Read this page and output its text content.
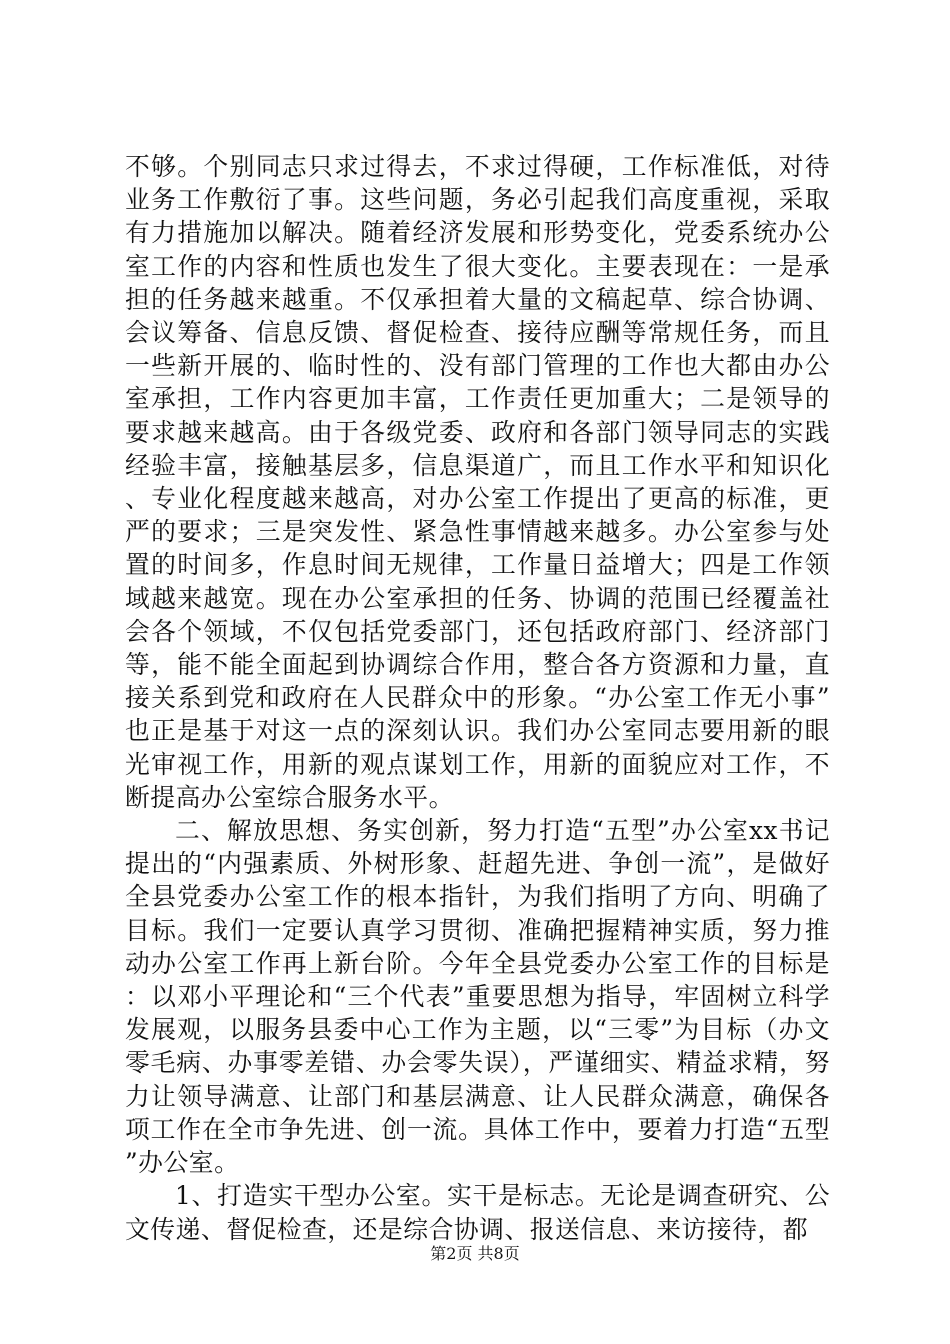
不够。个别同志只求过得去，不求过得硬，工作标准低，对待业务工作敷衍了事。这些问题，务必引起我们高度重视，采取有力措施加以解决。随着经济发展和形势变化，党委系统办公室工作的内容和性质也发生了很大变化。主要表现在：一是承担的任务越来越重。不仅承担着大量的文稿起草、综合协调、会议筹备、信息反馈、督促检查、接待应酬等常规任务，而且一些新开展的、临时性的、没有部门管理的工作也大都由办公室承担，工作内容更加丰富，工作责任更加重大；二是领导的要求越来越高。由于各级党委、政府和各部门领导同志的实践经验丰富，接触基层多，信息渠道广，而且工作水平和知识化、专业化程度越来越高，对办公室工作提出了更高的标准，更严的要求；三是突发性、紧急性事情越来越多。办公室参与处置的时间多，作息时间无规律，工作量日益增大；四是工作领域越来越宽。现在办公室承担的任务、协调的范围已经覆盖社会各个领域，不仅包括党委部门，还包括政府部门、经济部门等，能不能全面起到协调综合作用，整合各方资源和力量，直接关系到党和政府在人民群众中的形象。“办公室工作无小事”也正是基于对这一点的深刻认识。我们办公室同志要用新的眼光审视工作，用新的观点谋划工作，用新的面貌应对工作，不断提高办公室综合服务水平。

二、解放思想、务实创新，努力打造“五型”办公室xx书记提出的“内强素质、外树形象、赶超先进、争创一流”，是做好全县党委办公室工作的根本指针，为我们指明了方向、明确了目标。我们一定要认真学习贯彻、准确把握精神实质，努力推动办公室工作再上新台阶。今年全县党委办公室工作的目标是：以邓小平理论和“三个代表”重要思想为指导，牢固树立科学发展观，以服务县委中心工作为主题，以“三零”为目标（办文零毛病、办事零差错、办会零失误），严谨细实、精益求精，努力让领导满意、让部门和基层满意、让人民群众满意，确保各项工作在全市争先进、创一流。具体工作中，要着力打造“五型”办公室。

1、打造实干型办公室。实干是标志。无论是调查研究、公文传递、督促检查，还是综合协调、报送信息、来访接待，都

第2页 共8页
